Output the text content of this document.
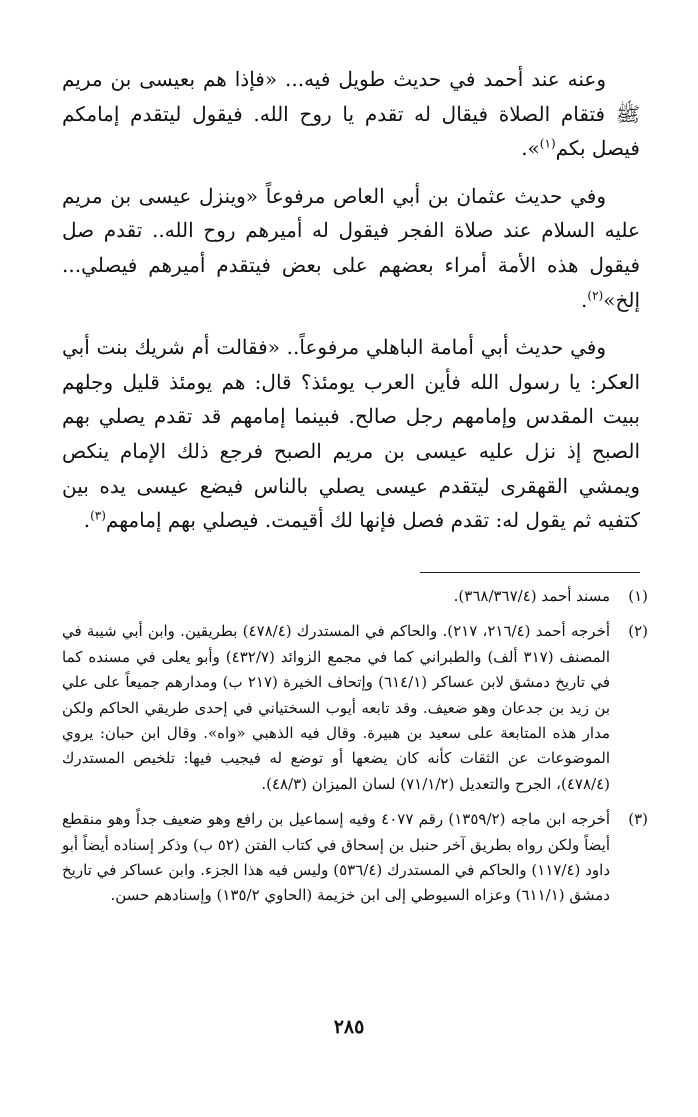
وعنه عند أحمد في حديث طويل فيه... «فإذا هم بعيسى بن مريم ﷺ فتقام الصلاة فيقال له تقدم يا روح الله. فيقول ليتقدم إمامكم فيصل بكم$^{(١)}$».

وفي حديث عثمان بن أبي العاص مرفوعاً «وينزل عيسى بن مريم عليه السلام عند صلاة الفجر فيقول له أميرهم روح الله.. تقدم صل فيقول هذه الأمة أمراء بعضهم على بعض فيتقدم أميرهم فيصلي... إلخ»$^{(٢)}$.

وفي حديث أبي أمامة الباهلي مرفوعاً.. «فقالت أم شريك بنت أبي العكر: يا رسول الله فأين العرب يومئذ؟ قال: هم يومئذ قليل وجلهم ببيت المقدس وإمامهم رجل صالح. فبينما إمامهم قد تقدم يصلي بهم الصبح إذ نزل عليه عيسى بن مريم الصبح فرجع ذلك الإمام ينكص ويمشي القهقرى ليتقدم عيسى يصلي بالناس فيضع عيسى يده بين كتفيه ثم يقول له: تقدم فصل فإنها لك أقيمت. فيصلي بهم إمامهم$^{(٣)}$.

(١)
مسند أحمد (٣٦٨/٣٦٧/٤).
(٢)
أخرجه أحمد (٢١٦/٤، ٢١٧). والحاكم في المستدرك (٤٧٨/٤) بطريقين. وابن أبي شيبة في المصنف (٣١٧ ألف) والطبراني كما في مجمع الزوائد (٤٣٢/٧) وأبو يعلى في مسنده كما في تاريخ دمشق لابن عساكر (٦١٤/١) وإتحاف الخيرة (٢١٧ ب) ومدارهم جميعاً على علي بن زيد بن جدعان وهو ضعيف. وقد تابعه أيوب السختياني في إحدى طريقي الحاكم ولكن مدار هذه المتابعة على سعيد بن هبيرة. وقال فيه الذهبي «واه». وقال ابن حبان: يروي الموضوعات عن الثقات كأنه كان يضعها أو توضع له فيجيب فيها: تلخيص المستدرك (٤٧٨/٤)، الجرح والتعديل (٧١/١/٢) لسان الميزان (٤٨/٣).
(٣)
أخرجه ابن ماجه (١٣٥٩/٢) رقم ٤٠٧٧ وفيه إسماعيل بن رافع وهو ضعيف جداً وهو منقطع أيضاً ولكن رواه بطريق آخر حنبل بن إسحاق في كتاب الفتن (٥٢ ب) وذكر إسناده أيضاً أبو داود (١١٧/٤) والحاكم في المستدرك (٥٣٦/٤) وليس فيه هذا الجزء. وابن عساكر في تاريخ دمشق (٦١١/١) وعزاه السيوطي إلى ابن خزيمة (الحاوي ١٣٥/٢) وإسنادهم حسن.
٢٨٥
